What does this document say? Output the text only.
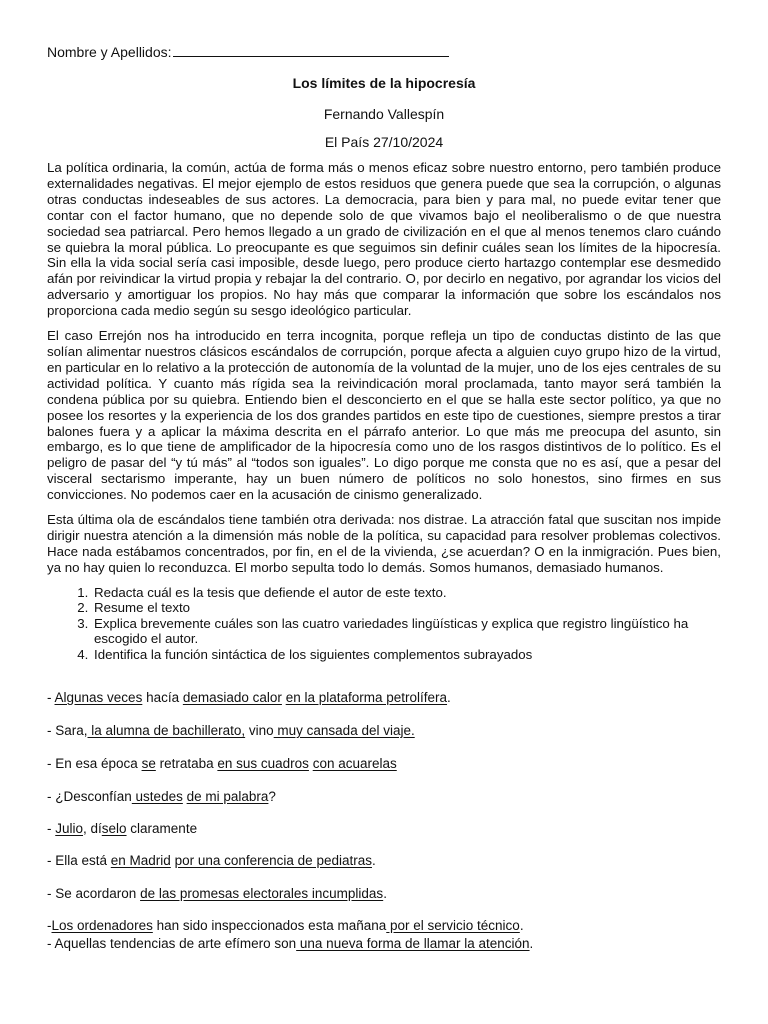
Nombre y Apellidos:
Los límites de la hipocresía
Fernando Vallespín
El País 27/10/2024

La política ordinaria, la común, actúa de forma más o menos eficaz sobre nuestro entorno, pero también produce externalidades negativas. El mejor ejemplo de estos residuos que genera puede que sea la corrupción, o algunas otras conductas indeseables de sus actores. La democracia, para bien y para mal, no puede evitar tener que contar con el factor humano, que no depende solo de que vivamos bajo el neoliberalismo o de que nuestra sociedad sea patriarcal. Pero hemos llegado a un grado de civilización en el que al menos tenemos claro cuándo se quiebra la moral pública. Lo preocupante es que seguimos sin definir cuáles sean los límites de la hipocresía. Sin ella la vida social sería casi imposible, desde luego, pero produce cierto hartazgo contemplar ese desmedido afán por reivindicar la virtud propia y rebajar la del contrario. O, por decirlo en negativo, por agrandar los vicios del adversario y amortiguar los propios. No hay más que comparar la información que sobre los escándalos nos proporciona cada medio según su sesgo ideológico particular.

El caso Errejón nos ha introducido en terra incognita, porque refleja un tipo de conductas distinto de las que solían alimentar nuestros clásicos escándalos de corrupción, porque afecta a alguien cuyo grupo hizo de la virtud, en particular en lo relativo a la protección de autonomía de la voluntad de la mujer, uno de los ejes centrales de su actividad política. Y cuanto más rígida sea la reivindicación moral proclamada, tanto mayor será también la condena pública por su quiebra. Entiendo bien el desconcierto en el que se halla este sector político, ya que no posee los resortes y la experiencia de los dos grandes partidos en este tipo de cuestiones, siempre prestos a tirar balones fuera y a aplicar la máxima descrita en el párrafo anterior. Lo que más me preocupa del asunto, sin embargo, es lo que tiene de amplificador de la hipocresía como uno de los rasgos distintivos de lo político. Es el peligro de pasar del “y tú más” al “todos son iguales”. Lo digo porque me consta que no es así, que a pesar del visceral sectarismo imperante, hay un buen número de políticos no solo honestos, sino firmes en sus convicciones. No podemos caer en la acusación de cinismo generalizado.

Esta última ola de escándalos tiene también otra derivada: nos distrae. La atracción fatal que suscitan nos impide dirigir nuestra atención a la dimensión más noble de la política, su capacidad para resolver problemas colectivos. Hace nada estábamos concentrados, por fin, en el de la vivienda, ¿se acuerdan? O en la inmigración. Pues bien, ya no hay quien lo reconduzca. El morbo sepulta todo lo demás. Somos humanos, demasiado humanos.

1. Redacta cuál es la tesis que defiende el autor de este texto.
2. Resume el texto
3. Explica brevemente cuáles son las cuatro variedades lingüísticas y explica que registro lingüístico ha escogido el autor.
4. Identifica la función sintáctica de los siguientes complementos subrayados
- Algunas veces hacía demasiado calor en la plataforma petrolífera.
- Sara, la alumna de bachillerato, vino muy cansada del viaje.
- En esa época se retrataba en sus cuadros con acuarelas
- ¿Desconfían ustedes de mi palabra?
- Julio, díselo claramente
- Ella está en Madrid por una conferencia de pediatras.
- Se acordaron de las promesas electorales incumplidas.
-Los ordenadores han sido inspeccionados esta mañana por el servicio técnico.
- Aquellas tendencias de arte efímero son una nueva forma de llamar la atención.
